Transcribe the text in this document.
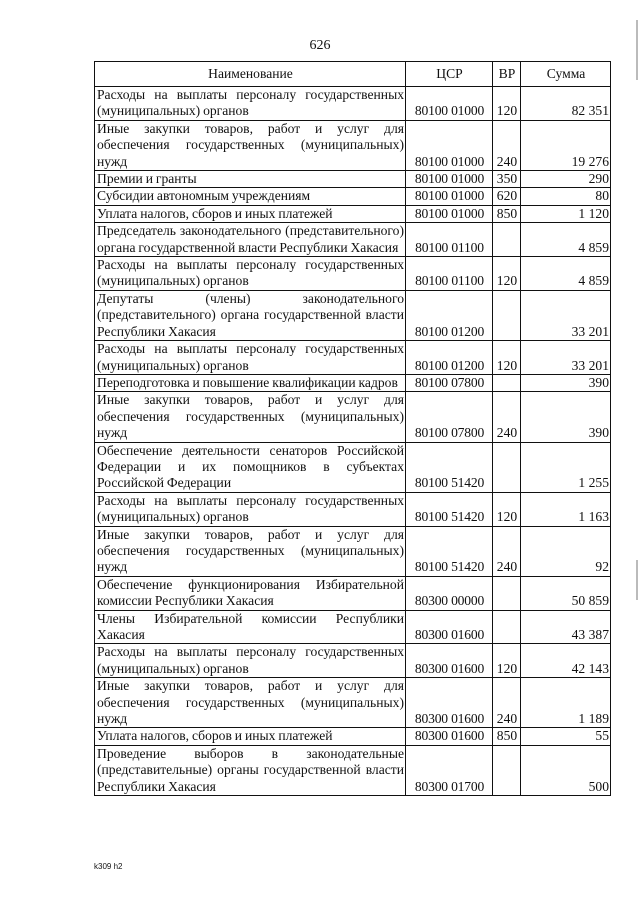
626
Наименование	ЦСР	ВР	Сумма
Расходы на выплаты персоналу государственных (муниципальных) органов	80100 01000	120	82 351
Иные закупки товаров, работ и услуг для обеспечения государственных (муниципальных) нужд	80100 01000	240	19 276
Премии и гранты	80100 01000	350	290
Субсидии автономным учреждениям	80100 01000	620	80
Уплата налогов, сборов и иных платежей	80100 01000	850	1 120
Председатель законодательного (представительного) органа государственной власти Республики Хакасия	80100 01100		4 859
Расходы на выплаты персоналу государственных (муниципальных) органов	80100 01100	120	4 859
Депутаты (члены) законодательного (представительного) органа государственной власти Республики Хакасия	80100 01200		33 201
Расходы на выплаты персоналу государственных (муниципальных) органов	80100 01200	120	33 201
Переподготовка и повышение квалификации кадров	80100 07800		390
Иные закупки товаров, работ и услуг для обеспечения государственных (муниципальных) нужд	80100 07800	240	390
Обеспечение деятельности сенаторов Российской Федерации и их помощников в субъектах Российской Федерации	80100 51420		1 255
Расходы на выплаты персоналу государственных (муниципальных) органов	80100 51420	120	1 163
Иные закупки товаров, работ и услуг для обеспечения государственных (муниципальных) нужд	80100 51420	240	92
Обеспечение функционирования Избирательной комиссии Республики Хакасия	80300 00000		50 859
Члены Избирательной комиссии Республики Хакасия	80300 01600		43 387
Расходы на выплаты персоналу государственных (муниципальных) органов	80300 01600	120	42 143
Иные закупки товаров, работ и услуг для обеспечения государственных (муниципальных) нужд	80300 01600	240	1 189
Уплата налогов, сборов и иных платежей	80300 01600	850	55
Проведение выборов в законодательные (представительные) органы государственной власти Республики Хакасия	80300 01700		500
k309 h2
